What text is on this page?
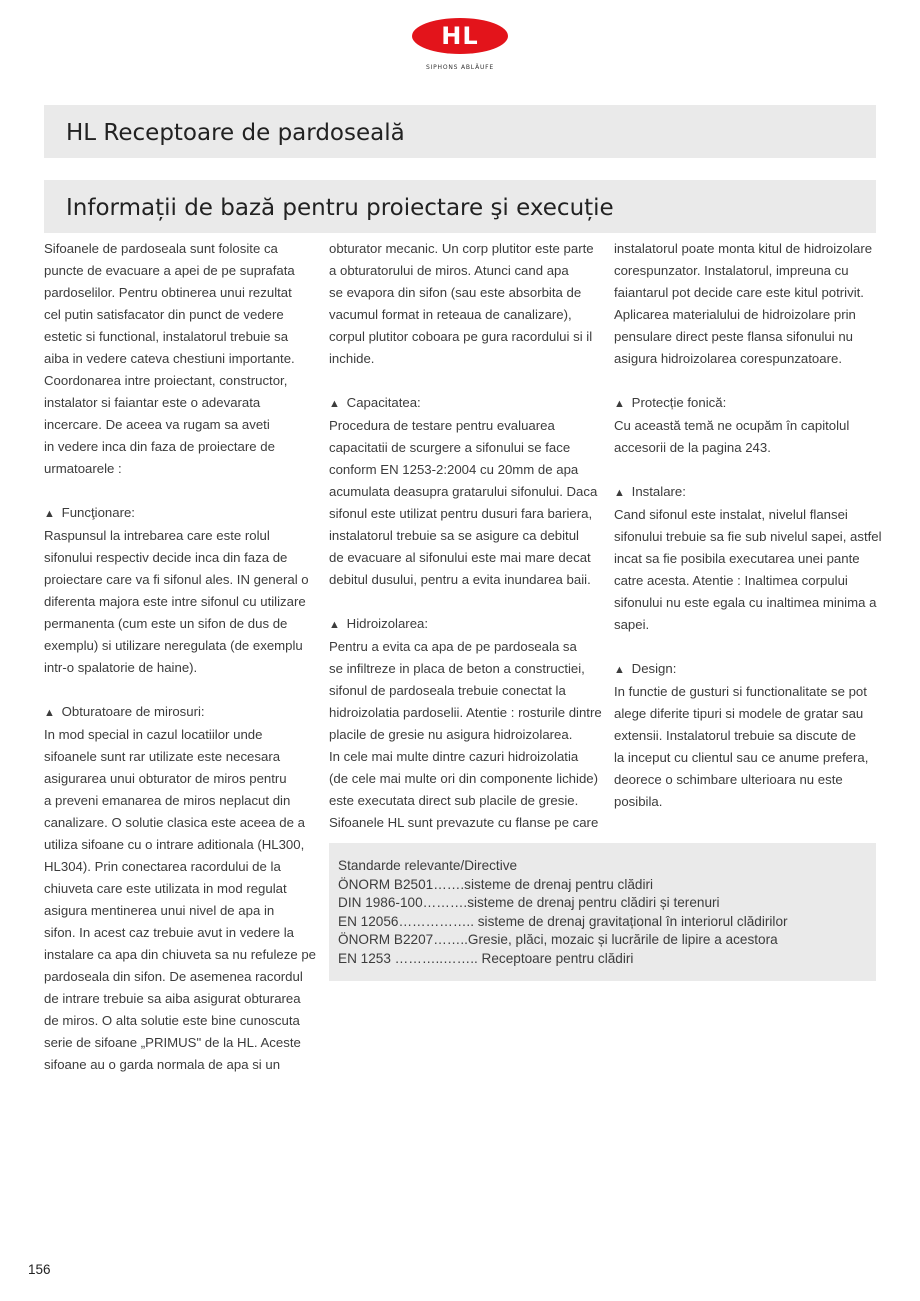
HL
SIPHONS ABLÄUFE
HL Receptoare de pardoseală
Informații de bază pentru proiectare şi execuție

Sifoanele de pardoseala sunt folosite ca
puncte de evacuare a apei de pe suprafata
pardoselilor. Pentru obtinerea unui rezultat
cel putin satisfacator din punct de vedere
estetic si functional, instalatorul trebuie sa
aiba in vedere cateva chestiuni importante.
Coordonarea intre proiectant, constructor,
instalator si faiantar este o adevarata
incercare. De aceea va rugam sa aveti
in vedere inca din faza de proiectare de
urmatoarele :

▲ Funcţionare:
Raspunsul la intrebarea care este rolul
sifonului respectiv decide inca din faza de
proiectare care va fi sifonul ales. IN general o
diferenta majora este intre sifonul cu utilizare
permanenta (cum este un sifon de dus de
exemplu) si utilizare neregulata (de exemplu
intr-o spalatorie de haine).

▲ Obturatoare de mirosuri:
In mod special in cazul locatiilor unde
sifoanele sunt rar utilizate este necesara
asigurarea unui obturator de miros pentru
a preveni emanarea de miros neplacut din
canalizare. O solutie clasica este aceea de a
utiliza sifoane cu o intrare aditionala (HL300,
HL304). Prin conectarea racordului de la
chiuveta care este utilizata in mod regulat
asigura mentinerea unui nivel de apa in
sifon. In acest caz trebuie avut in vedere la
instalare ca apa din chiuveta sa nu refuleze pe
pardoseala din sifon. De asemenea racordul
de intrare trebuie sa aiba asigurat obturarea
de miros. O alta solutie este bine cunoscuta
serie de sifoane „PRIMUS" de la HL. Aceste
sifoane au o garda normala de apa si un

obturator mecanic. Un corp plutitor este parte
a obturatorului de miros. Atunci cand apa
se evapora din sifon (sau este absorbita de
vacumul format in reteaua de canalizare),
corpul plutitor coboara pe gura racordului si il
inchide.

▲ Capacitatea:
Procedura de testare pentru evaluarea
capacitatii de scurgere a sifonului se face
conform EN 1253-2:2004 cu 20mm de apa
acumulata deasupra gratarului sifonului. Daca
sifonul este utilizat pentru dusuri fara bariera,
instalatorul trebuie sa se asigure ca debitul
de evacuare al sifonului este mai mare decat
debitul dusului, pentru a evita inundarea baii.

▲ Hidroizolarea:
Pentru a evita ca apa de pe pardoseala sa
se infiltreze in placa de beton a constructiei,
sifonul de pardoseala trebuie conectat la
hidroizolatia pardoselii. Atentie : rosturile dintre
placile de gresie nu asigura hidroizolarea.
In cele mai multe dintre cazuri hidroizolatia
(de cele mai multe ori din componente lichide)
este executata direct sub placile de gresie.
Sifoanele HL sunt prevazute cu flanse pe care

instalatorul poate monta kitul de hidroizolare
corespunzator. Instalatorul, impreuna cu
faiantarul pot decide care este kitul potrivit.
Aplicarea materialului de hidroizolare prin
pensulare direct peste flansa sifonului nu
asigura hidroizolarea corespunzatoare.

▲ Protecție fonică:
Cu această temă ne ocupăm în capitolul
accesorii de la pagina 243.

▲ Instalare:
Cand sifonul este instalat, nivelul flansei
sifonului trebuie sa fie sub nivelul sapei, astfel
incat sa fie posibila executarea unei pante
catre acesta. Atentie : Inaltimea corpului
sifonului nu este egala cu inaltimea minima a
sapei.

▲ Design:
In functie de gusturi si functionalitate se pot
alege diferite tipuri si modele de gratar sau
extensii. Instalatorul trebuie sa discute de
la inceput cu clientul sau ce anume prefera,
deorece o schimbare ulterioara nu este
posibila.

Standarde relevante/Directive
ÖNORM B2501…….sisteme de drenaj pentru clădiri
DIN 1986-100……….sisteme de drenaj pentru clădiri și terenuri
EN 12056…………….. sisteme de drenaj gravitațional în interiorul clădirilor
ÖNORM B2207……..Gresie, plăci, mozaic și lucrările de lipire a acestora
EN 1253 ………..…….. Receptoare pentru clădiri
156
